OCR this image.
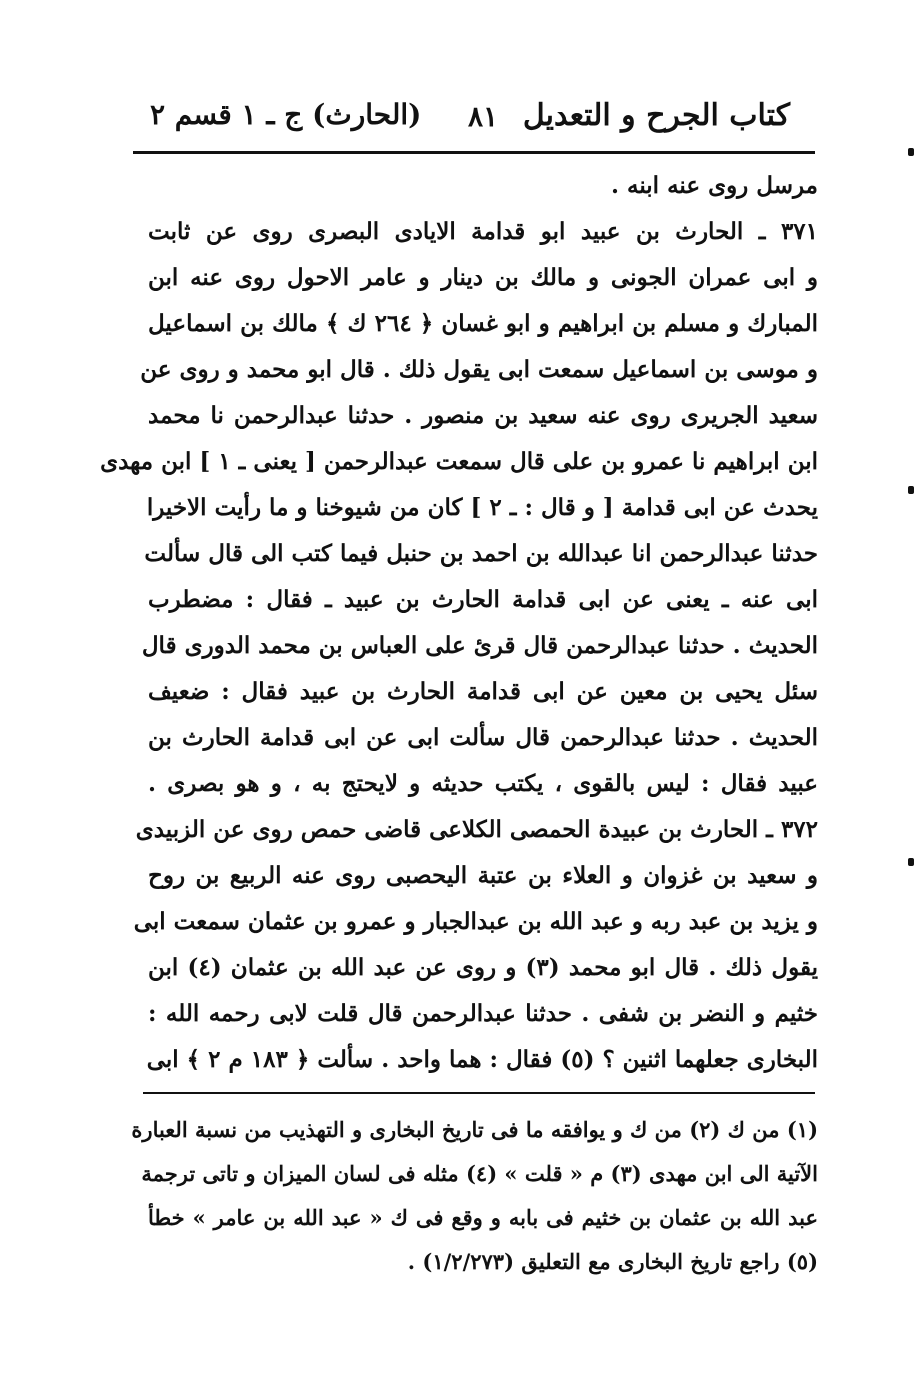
كتاب الجرح و التعديل
٨١
(الحارث) ج ـ ١ قسم ٢
مرسل روى عنه ابنه .
٣٧١ ـ الحارث بن عبيد ابو قدامة الايادى البصرى روى عن ثابت
و ابى عمران الجونى و مالك بن دينار و عامر الاحول روى عنه ابن
المبارك و مسلم بن ابراهيم و ابو غسان ﴿ ٢٦٤ ك ﴾ مالك بن اسماعيل
و موسى بن اسماعيل سمعت ابى يقول ذلك . قال ابو محمد و روى عن
سعيد الجريرى روى عنه سعيد بن منصور . حدثنا عبدالرحمن نا محمد
ابن ابراهيم نا عمرو بن على قال سمعت عبدالرحمن [ يعنى ـ ١ ] ابن مهدى
يحدث عن ابى قدامة [ و قال : ـ ٢ ] كان من شيوخنا و ما رأيت الاخيرا
حدثنا عبدالرحمن انا عبدالله بن احمد بن حنبل فيما كتب الى قال سألت
ابى عنه ـ يعنى عن ابى قدامة الحارث بن عبيد ـ فقال : مضطرب
الحديث . حدثنا عبدالرحمن قال قرئ على العباس بن محمد الدورى قال
سئل يحيى بن معين عن ابى قدامة الحارث بن عبيد فقال : ضعيف
الحديث . حدثنا عبدالرحمن قال سألت ابى عن ابى قدامة الحارث بن
عبيد فقال : ليس بالقوى ، يكتب حديثه و لايحتج به ، و هو بصرى .
٣٧٢ ـ الحارث بن عبيدة الحمصى الكلاعى قاضى حمص روى عن الزبيدى
و سعيد بن غزوان و العلاء بن عتبة اليحصبى روى عنه الربيع بن روح
و يزيد بن عبد ربه و عبد الله بن عبدالجبار و عمرو بن عثمان سمعت ابى
يقول ذلك . قال ابو محمد (٣) و روى عن عبد الله بن عثمان (٤) ابن
خثيم و النضر بن شفى . حدثنا عبدالرحمن قال قلت لابى رحمه الله :
البخارى جعلهما اثنين ؟ (٥) فقال : هما واحد . سألت ﴿ ١٨٣ م ٢ ﴾ ابى
(١) من ك (٢) من ك و يوافقه ما فى تاريخ البخارى و التهذيب من نسبة العبارة
الآتية الى ابن مهدى (٣) م « قلت » (٤) مثله فى لسان الميزان و تاتى ترجمة
عبد الله بن عثمان بن خثيم فى بابه و وقع فى ك « عبد الله بن عامر » خطأ
(٥) راجع تاريخ البخارى مع التعليق (١/٢/٢٧٣) .
